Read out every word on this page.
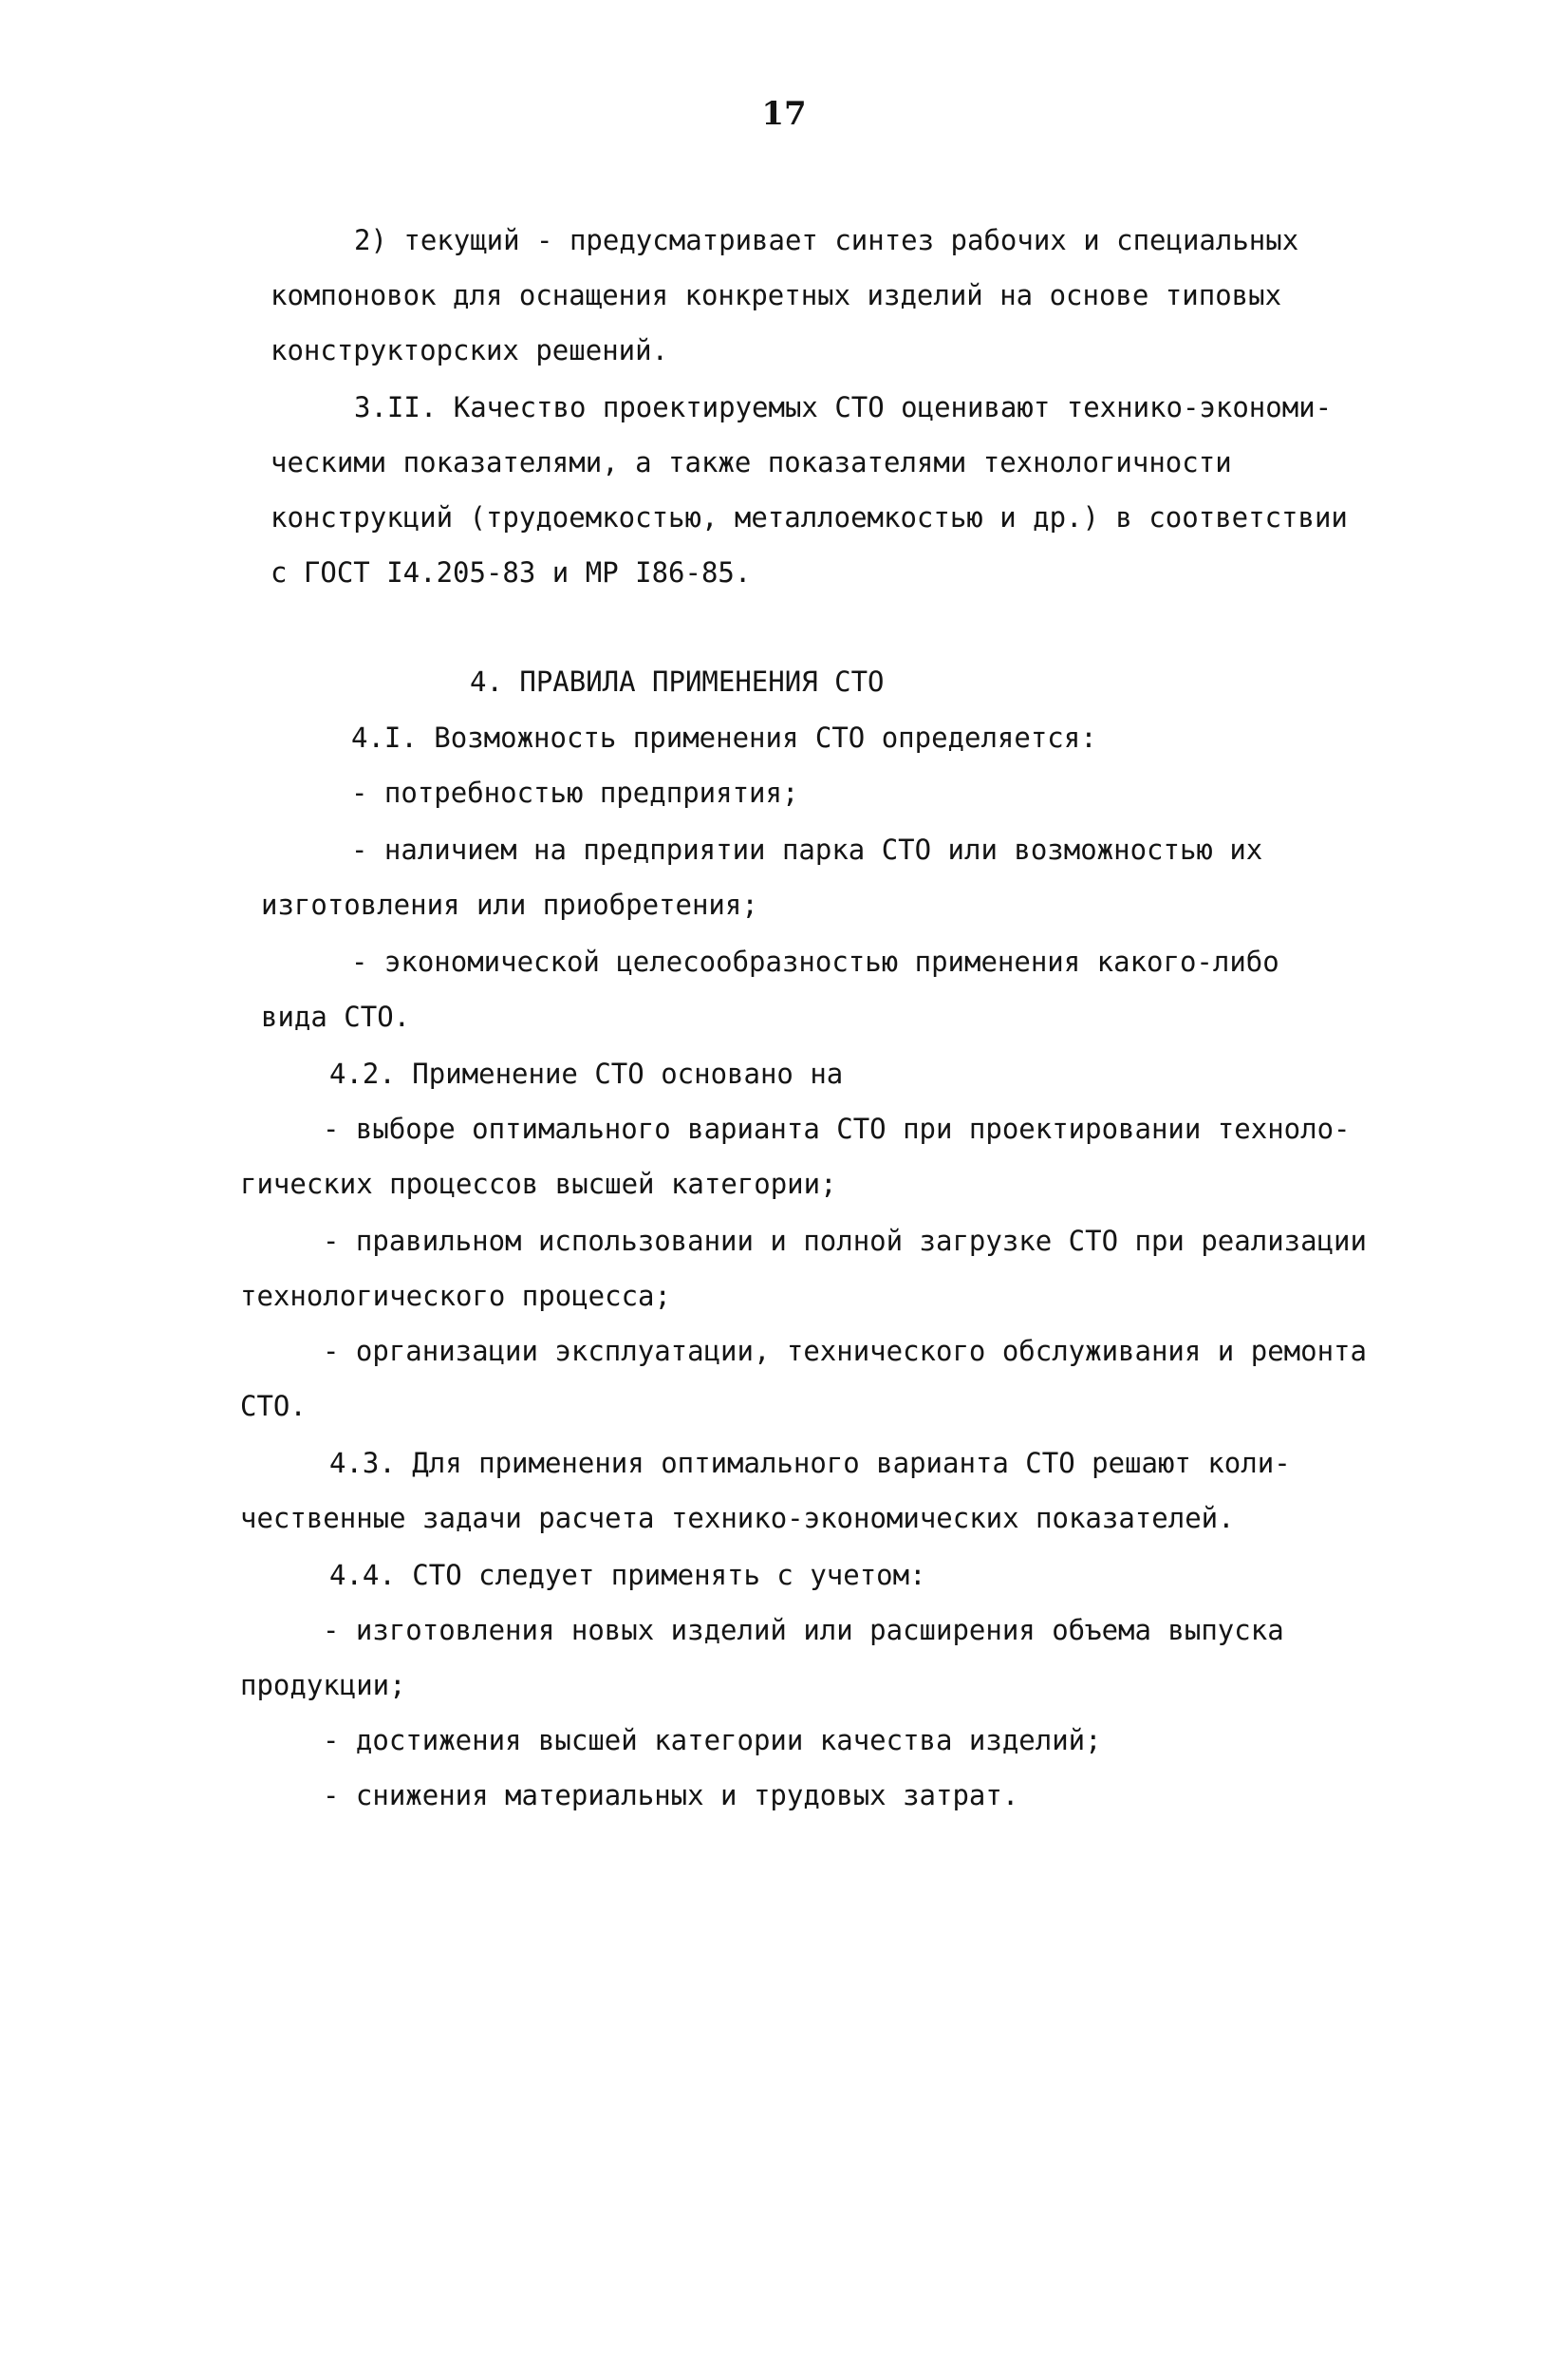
17
2) текущий - предусматривает синтез рабочих и специальных
компоновок для оснащения конкретных изделий на основе типовых
конструкторских решений.
3.II. Качество проектируемых СТО оценивают технико-экономи-
ческими показателями, а также показателями технологичности
конструкций (трудоемкостью, металлоемкостью и др.) в соответствии
с ГОСТ I4.205-83 и МР I86-85.
4. ПРАВИЛА ПРИМЕНЕНИЯ СТО
4.I. Возможность применения СТО определяется:
- потребностью предприятия;
- наличием на предприятии парка СТО или возможностью их
изготовления или приобретения;
- экономической целесообразностью применения какого-либо
вида СТО.
4.2. Применение СТО основано на
- выборе оптимального варианта СТО при проектировании техноло-
гических процессов высшей категории;
- правильном использовании и полной загрузке СТО при реализации
технологического процесса;
- организации эксплуатации, технического обслуживания и ремонта
СТО.
4.3. Для применения оптимального варианта СТО решают коли-
чественные задачи расчета технико-экономических показателей.
4.4. СТО следует применять с учетом:
- изготовления новых изделий или расширения объема выпуска
продукции;
- достижения высшей категории качества изделий;
- снижения материальных и трудовых затрат.
